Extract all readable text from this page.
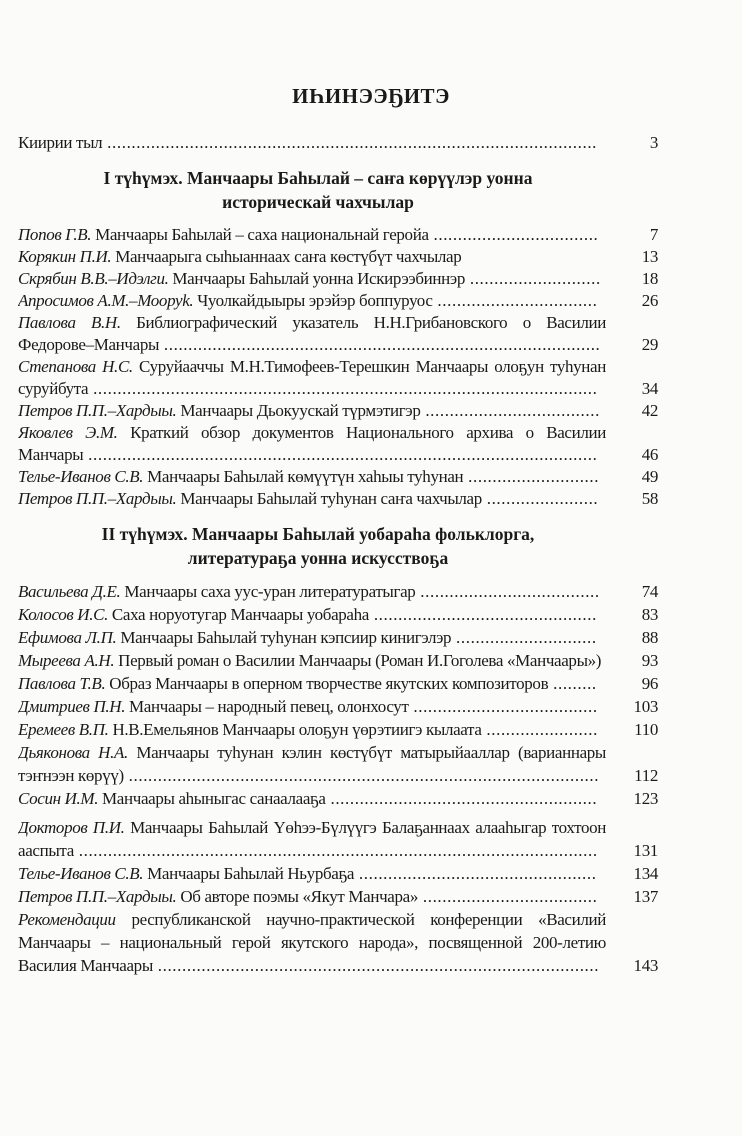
ИҺИНЭЭҔИТЭ
Киирии тыл .....................................................................................................	3
I түһүмэх. Манчаары Баһылай – саҥа көрүүлэр уонна
историческай чахчылар
Попов Г.В. Манчаары Баһылай – саха национальнай геройа ..................................	7
Корякин П.И. Манчаарыга сыһыаннаах саҥа көстүбүт чахчылар	13
Скрябин В.В.–Идэлги. Манчаары Баһылай уонна Искирээбиннэр ...........................	18
Апросимов А.М.–Мооруk. Чуолкайдыыры эрэйэр боппуруос .................................	26
Павлова В.Н. Библиографический указатель Н.Н.Грибановского о Василии Федорове–Манчары ..........................................................................................	29
Степанова Н.С. Суруйааччы М.Н.Тимофеев-Терешкин Манчаары олоҕун туһунан суруйбута ........................................................................................................	34
Петров П.П.–Хардыы. Манчаары Дьокуускай түрмэтигэр ....................................	42
Яковлев Э.М. Краткий обзор документов Национального архива о Василии Манчары .........................................................................................................	46
Телье-Иванов С.В. Манчаары Баһылай көмүүтүн хаһыы туһунан ...........................	49
Петров П.П.–Хардыы. Манчаары Баһылай туһунан саҥа чахчылар .......................	58
II түһүмэх. Манчаары Баһылай уобараһа фольклорга,
литератураҕа уонна искусствоҕа
Васильева Д.Е. Манчаары саха уус-уран литературатыгар .....................................	74
Колосов И.С. Саха норуотугар Манчаары уобараһа ..............................................	83
Ефимова Л.П. Манчаары Баһылай туһунан кэпсиир кинигэлэр .............................	88
Мыреева А.Н. Первый роман о Василии Манчаары (Роман И.Гоголева «Манчаары»)	93
Павлова Т.В. Образ Манчаары в оперном творчестве якутских композиторов .........	96
Дмитриев П.Н. Манчаары – народный певец, олонхосут ......................................	103
Еремеев В.П. Н.В.Емельянов Манчаары олоҕун үөрэтиигэ кылаата .......................	110
Дьяконова Н.А. Манчаары туһунан кэлин көстүбүт матырыйааллар (варианнары тэҥнээн көрүү) .................................................................................................	112
Сосин И.М. Манчаары аһыныгас санаалааҕа .......................................................	123
Докторов П.И. Манчаары Баһылай Үөһээ-Бүлүүгэ Балаҕаннаах алааһыгар тохтоон ааспыта ...........................................................................................................	131
Телье-Иванов С.В. Манчаары Баһылай Ньурбаҕа .................................................	134
Петров П.П.–Хардыы. Об авторе поэмы «Якут Манчара» ....................................	137
Рекомендации республиканской научно-практической конференции «Василий Манчаары – национальный герой якутского народа», посвященной 200-летию Василия Манчаары ...........................................................................................	143
